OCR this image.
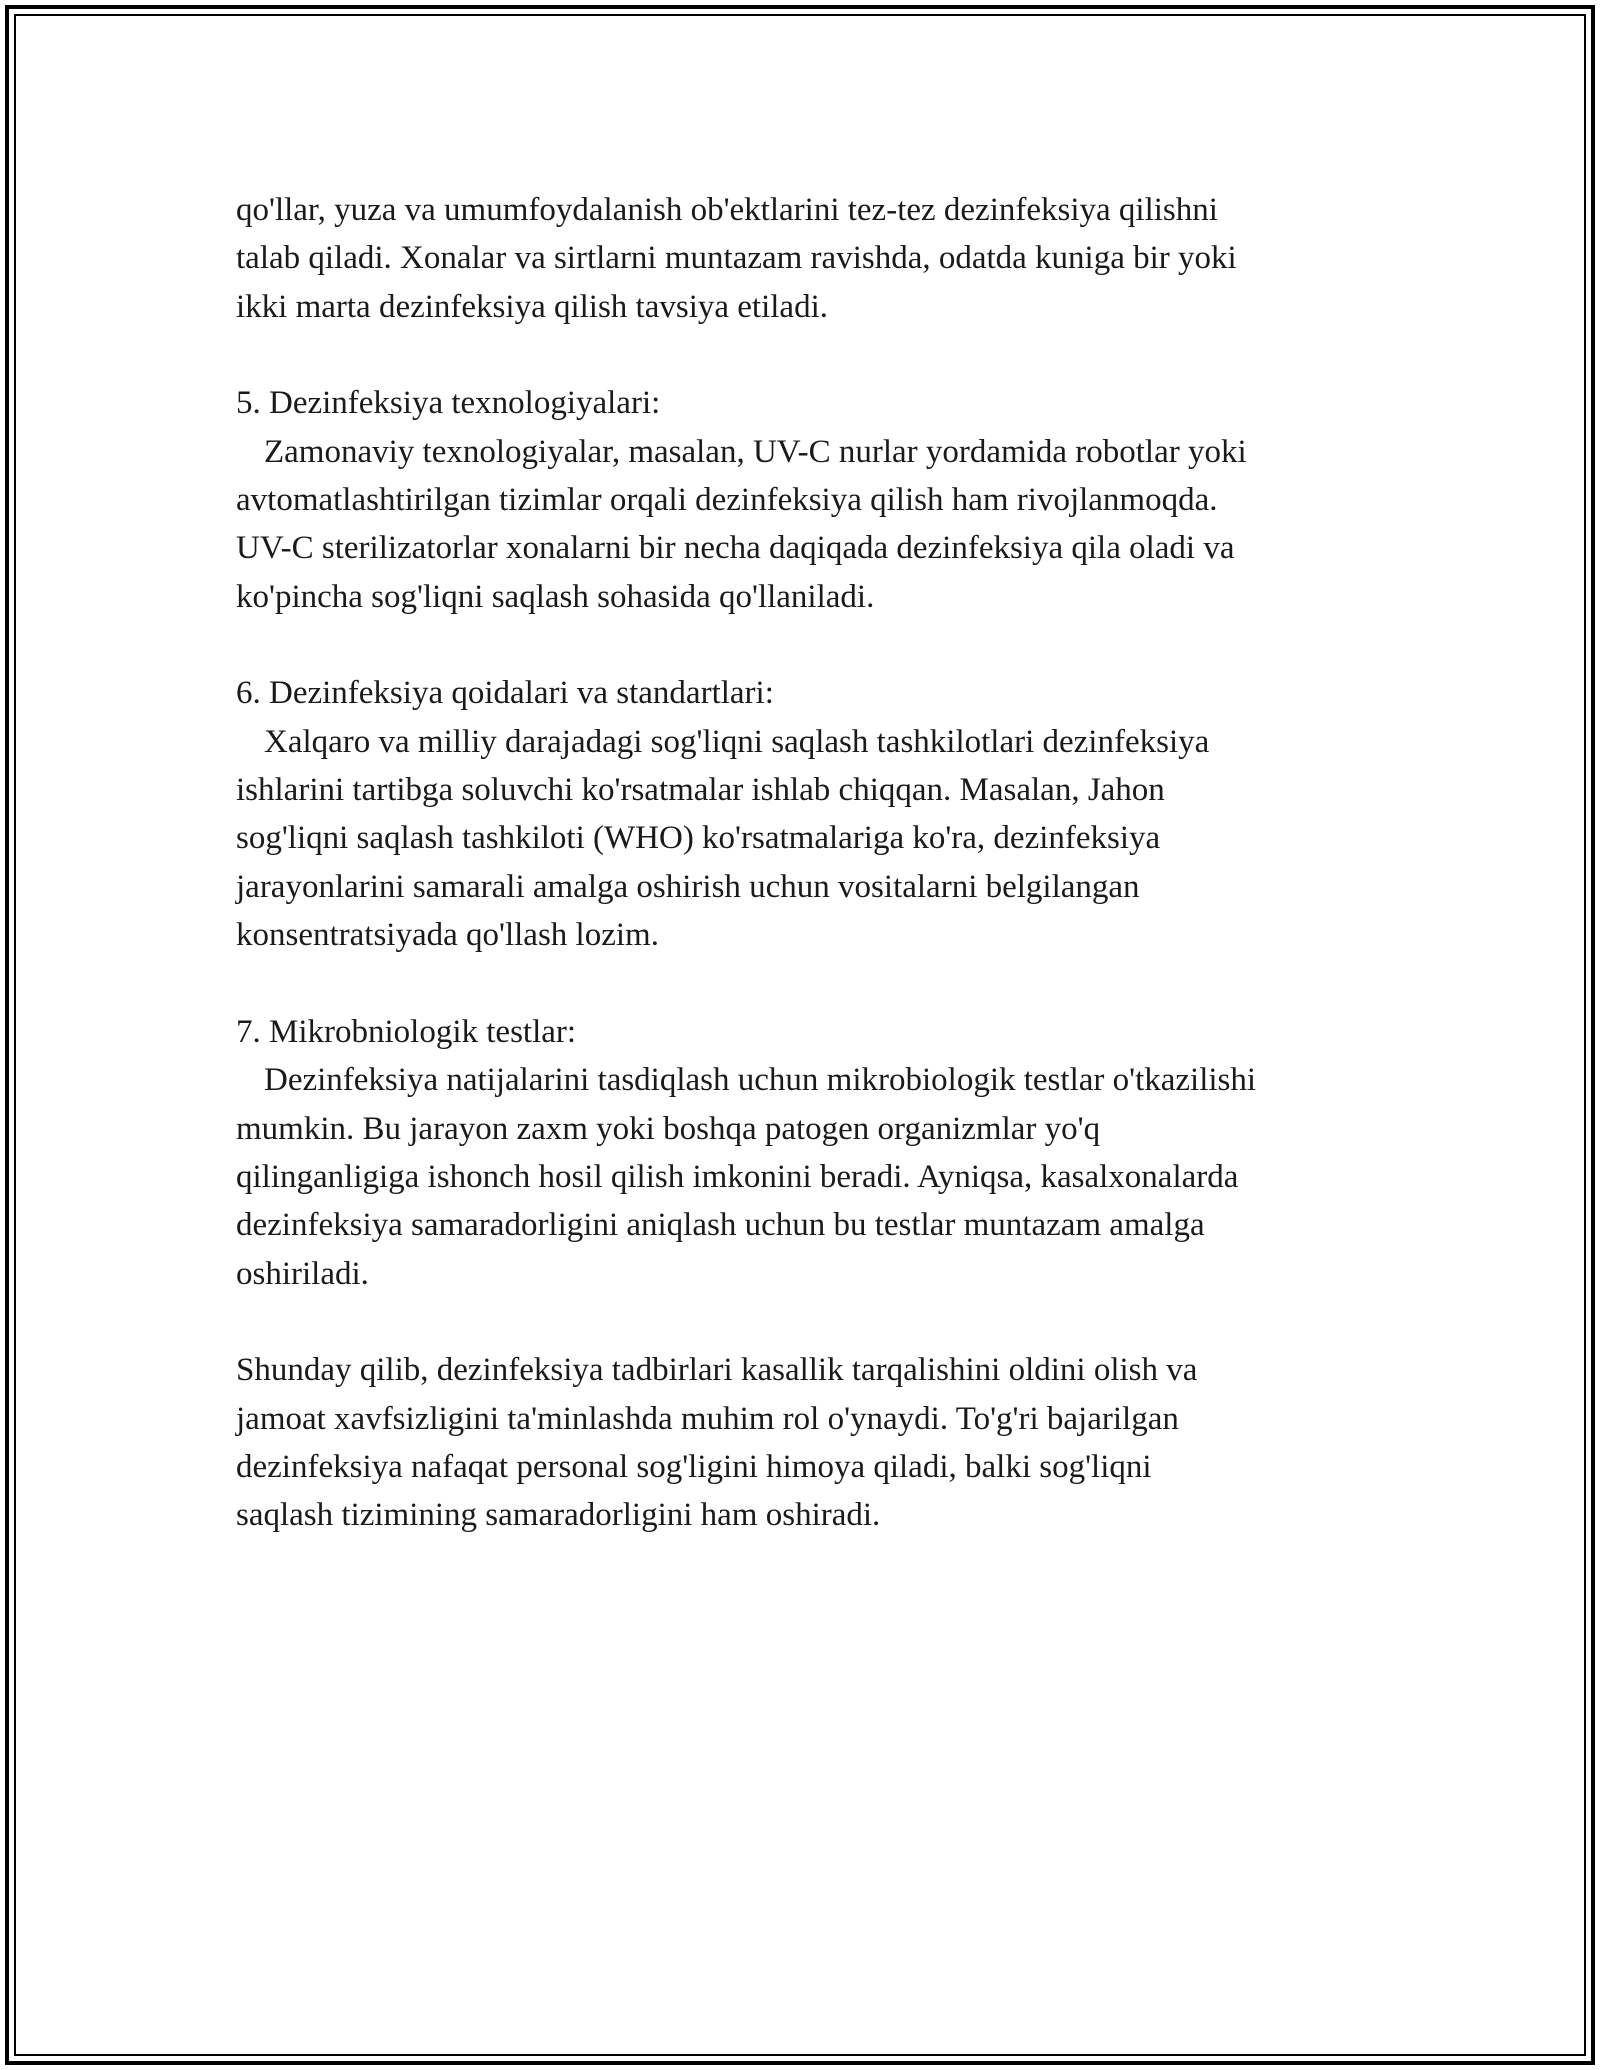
qo'llar, yuza va umumfoydalanish ob'ektlarini tez-tez dezinfeksiya qilishni
talab qiladi. Xonalar va sirtlarni muntazam ravishda, odatda kuniga bir yoki
ikki marta dezinfeksiya qilish tavsiya etiladi.

5. Dezinfeksiya texnologiyalari:

Zamonaviy texnologiyalar, masalan, UV-C nurlar yordamida robotlar yoki
avtomatlashtirilgan tizimlar orqali dezinfeksiya qilish ham rivojlanmoqda.
UV-C sterilizatorlar xonalarni bir necha daqiqada dezinfeksiya qila oladi va
ko'pincha sog'liqni saqlash sohasida qo'llaniladi.

6. Dezinfeksiya qoidalari va standartlari:

Xalqaro va milliy darajadagi sog'liqni saqlash tashkilotlari dezinfeksiya
ishlarini tartibga soluvchi ko'rsatmalar ishlab chiqqan. Masalan, Jahon
sog'liqni saqlash tashkiloti (WHO) ko'rsatmalariga ko'ra, dezinfeksiya
jarayonlarini samarali amalga oshirish uchun vositalarni belgilangan
konsentratsiyada qo'llash lozim.

7. Mikrobniologik testlar:

Dezinfeksiya natijalarini tasdiqlash uchun mikrobiologik testlar o'tkazilishi
mumkin. Bu jarayon zaxm yoki boshqa patogen organizmlar yo'q
qilinganligiga ishonch hosil qilish imkonini beradi. Ayniqsa, kasalxonalarda
dezinfeksiya samaradorligini aniqlash uchun bu testlar muntazam amalga
oshiriladi.

Shunday qilib, dezinfeksiya tadbirlari kasallik tarqalishini oldini olish va
jamoat xavfsizligini ta'minlashda muhim rol o'ynaydi. To'g'ri bajarilgan
dezinfeksiya nafaqat personal sog'ligini himoya qiladi, balki sog'liqni
saqlash tizimining samaradorligini ham oshiradi.
